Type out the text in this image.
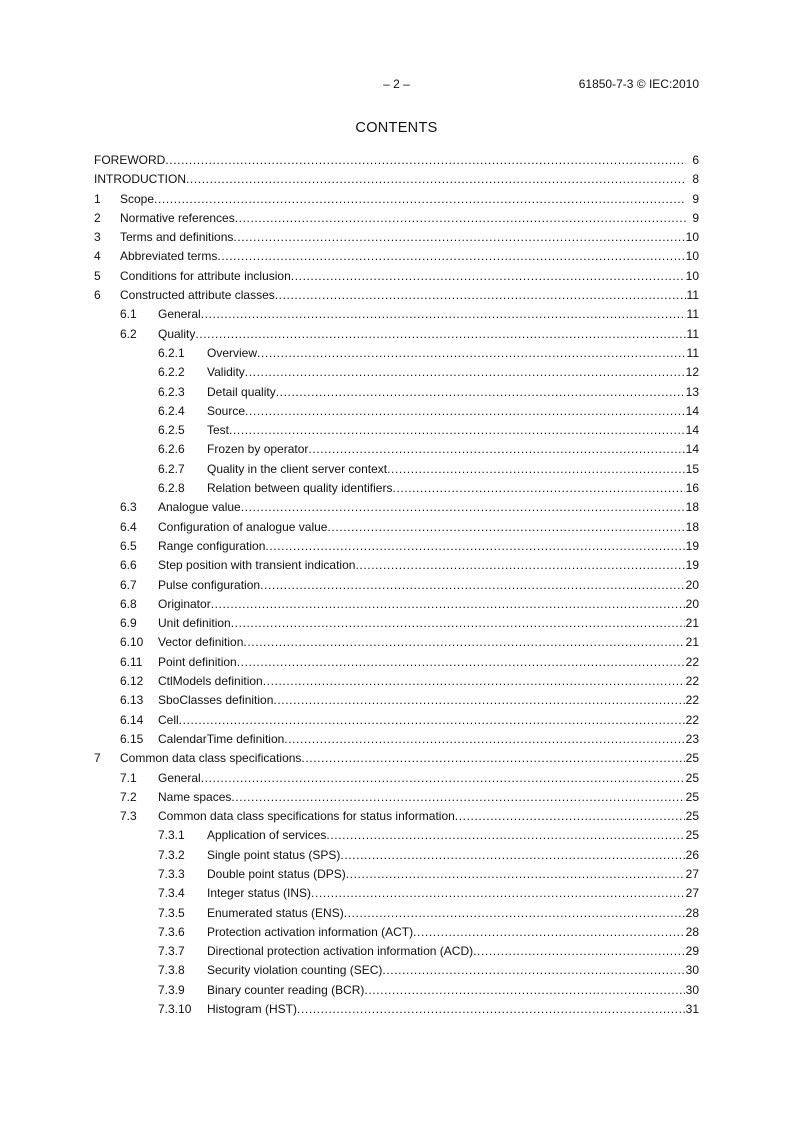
– 2 –	61850-7-3 © IEC:2010
CONTENTS
FOREWORD .....	6
INTRODUCTION .....	8
1 Scope .....	9
2 Normative references .....	9
3 Terms and definitions .....	10
4 Abbreviated terms .....	10
5 Conditions for attribute inclusion .....	10
6 Constructed attribute classes .....	11
6.1 General .....	11
6.2 Quality .....	11
6.2.1 Overview .....	11
6.2.2 Validity .....	12
6.2.3 Detail quality .....	13
6.2.4 Source .....	14
6.2.5 Test .....	14
6.2.6 Frozen by operator .....	14
6.2.7 Quality in the client server context .....	15
6.2.8 Relation between quality identifiers .....	16
6.3 Analogue value .....	18
6.4 Configuration of analogue value .....	18
6.5 Range configuration .....	19
6.6 Step position with transient indication .....	19
6.7 Pulse configuration .....	20
6.8 Originator .....	20
6.9 Unit definition .....	21
6.10 Vector definition .....	21
6.11 Point definition .....	22
6.12 CtlModels definition .....	22
6.13 SboClasses definition .....	22
6.14 Cell .....	22
6.15 CalendarTime definition .....	23
7 Common data class specifications .....	25
7.1 General .....	25
7.2 Name spaces .....	25
7.3 Common data class specifications for status information .....	25
7.3.1 Application of services .....	25
7.3.2 Single point status (SPS) .....	26
7.3.3 Double point status (DPS) .....	27
7.3.4 Integer status (INS) .....	27
7.3.5 Enumerated status (ENS) .....	28
7.3.6 Protection activation information (ACT) .....	28
7.3.7 Directional protection activation information (ACD) .....	29
7.3.8 Security violation counting (SEC) .....	30
7.3.9 Binary counter reading (BCR) .....	30
7.3.10 Histogram (HST) .....	31
